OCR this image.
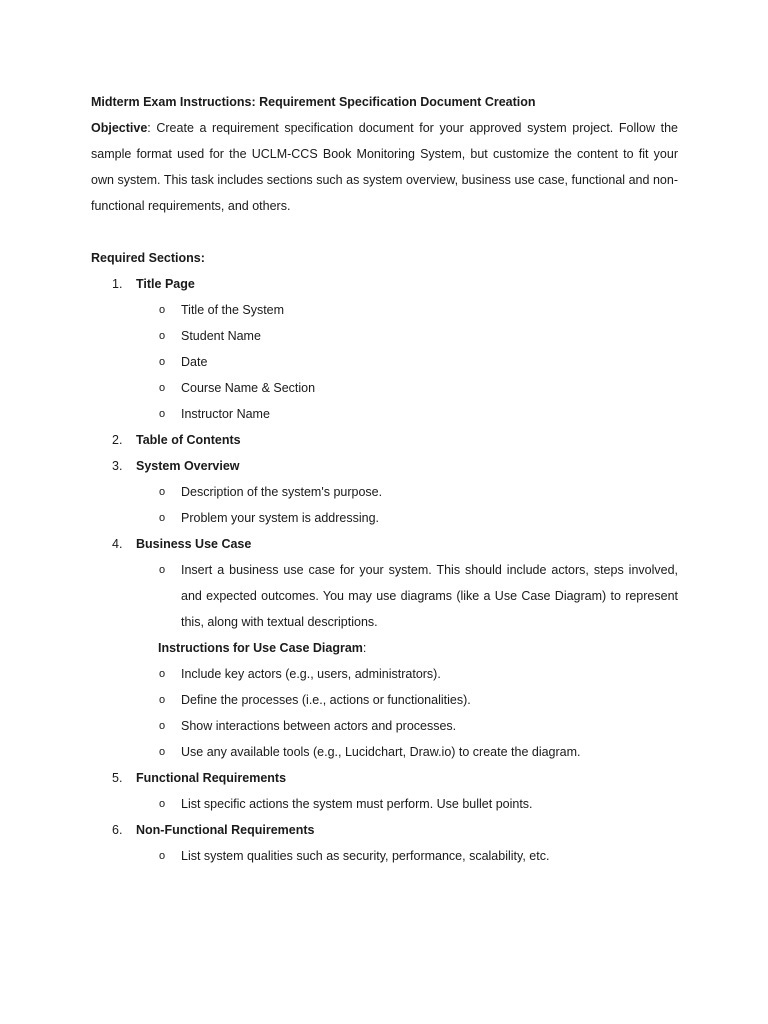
Midterm Exam Instructions: Requirement Specification Document Creation

Objective: Create a requirement specification document for your approved system project. Follow the sample format used for the UCLM-CCS Book Monitoring System, but customize the content to fit your own system. This task includes sections such as system overview, business use case, functional and non-functional requirements, and others.

Required Sections:

1. Title Page
o Title of the System
o Student Name
o Date
o Course Name & Section
o Instructor Name
2. Table of Contents
3. System Overview
o Description of the system's purpose.
o Problem your system is addressing.
4. Business Use Case
o Insert a business use case for your system. This should include actors, steps involved, and expected outcomes. You may use diagrams (like a Use Case Diagram) to represent this, along with textual descriptions.
Instructions for Use Case Diagram:
o Include key actors (e.g., users, administrators).
o Define the processes (i.e., actions or functionalities).
o Show interactions between actors and processes.
o Use any available tools (e.g., Lucidchart, Draw.io) to create the diagram.
5. Functional Requirements
o List specific actions the system must perform. Use bullet points.
6. Non-Functional Requirements
o List system qualities such as security, performance, scalability, etc.
